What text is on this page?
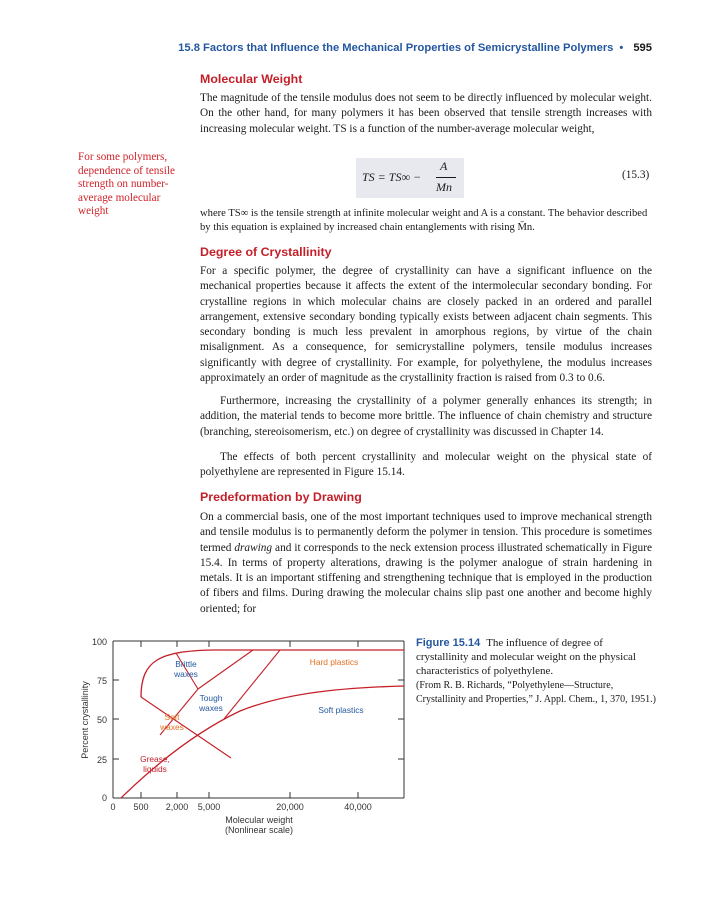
15.8 Factors that Influence the Mechanical Properties of Semicrystalline Polymers • 595
Molecular Weight

The magnitude of the tensile modulus does not seem to be directly influenced by molecular weight. On the other hand, for many polymers it has been observed that tensile strength increases with increasing molecular weight. TS is a function of the number-average molecular weight,

For some polymers, dependence of tensile strength on number-average molecular weight
TS = TS∞ −
A
Mn
(15.3)

where TS∞ is the tensile strength at infinite molecular weight and A is a constant. The behavior described by this equation is explained by increased chain entanglements with rising M̄n.

Degree of Crystallinity

For a specific polymer, the degree of crystallinity can have a significant influence on the mechanical properties because it affects the extent of the intermolecular secondary bonding. For crystalline regions in which molecular chains are closely packed in an ordered and parallel arrangement, extensive secondary bonding typically exists between adjacent chain segments. This secondary bonding is much less prevalent in amorphous regions, by virtue of the chain misalignment. As a consequence, for semicrystalline polymers, tensile modulus increases significantly with degree of crystallinity. For example, for polyethylene, the modulus increases approximately an order of magnitude as the crystallinity fraction is raised from 0.3 to 0.6.

Furthermore, increasing the crystallinity of a polymer generally enhances its strength; in addition, the material tends to become more brittle. The influence of chain chemistry and structure (branching, stereoisomerism, etc.) on degree of crystallinity was discussed in Chapter 14.

The effects of both percent crystallinity and molecular weight on the physical state of polyethylene are represented in Figure 15.14.

Predeformation by Drawing

On a commercial basis, one of the most important techniques used to improve mechanical strength and tensile modulus is to permanently deform the polymer in tension. This procedure is sometimes termed drawing and it corresponds to the neck extension process illustrated schematically in Figure 15.4. In terms of property alterations, drawing is the polymer analogue of strain hardening in metals. It is an important stiffening and strengthening technique that is employed in the production of fibers and films. During drawing the molecular chains slip past one another and become highly oriented; for

100
75
50
25
0
0 500 2,000 5,000	20,000	40,000
Percent crystallinity
Molecular weight
(Nonlinear scale)
Brittle waxes
Hard plastics
Tough waxes	Soft plastics
Soft waxes
Grease, liquids
Figure 15.14 The influence of degree of crystallinity and molecular weight on the physical characteristics of polyethylene.
(From R. B. Richards, “Polyethylene—Structure, Crystallinity and Properties,” J. Appl. Chem., 1, 370, 1951.)
